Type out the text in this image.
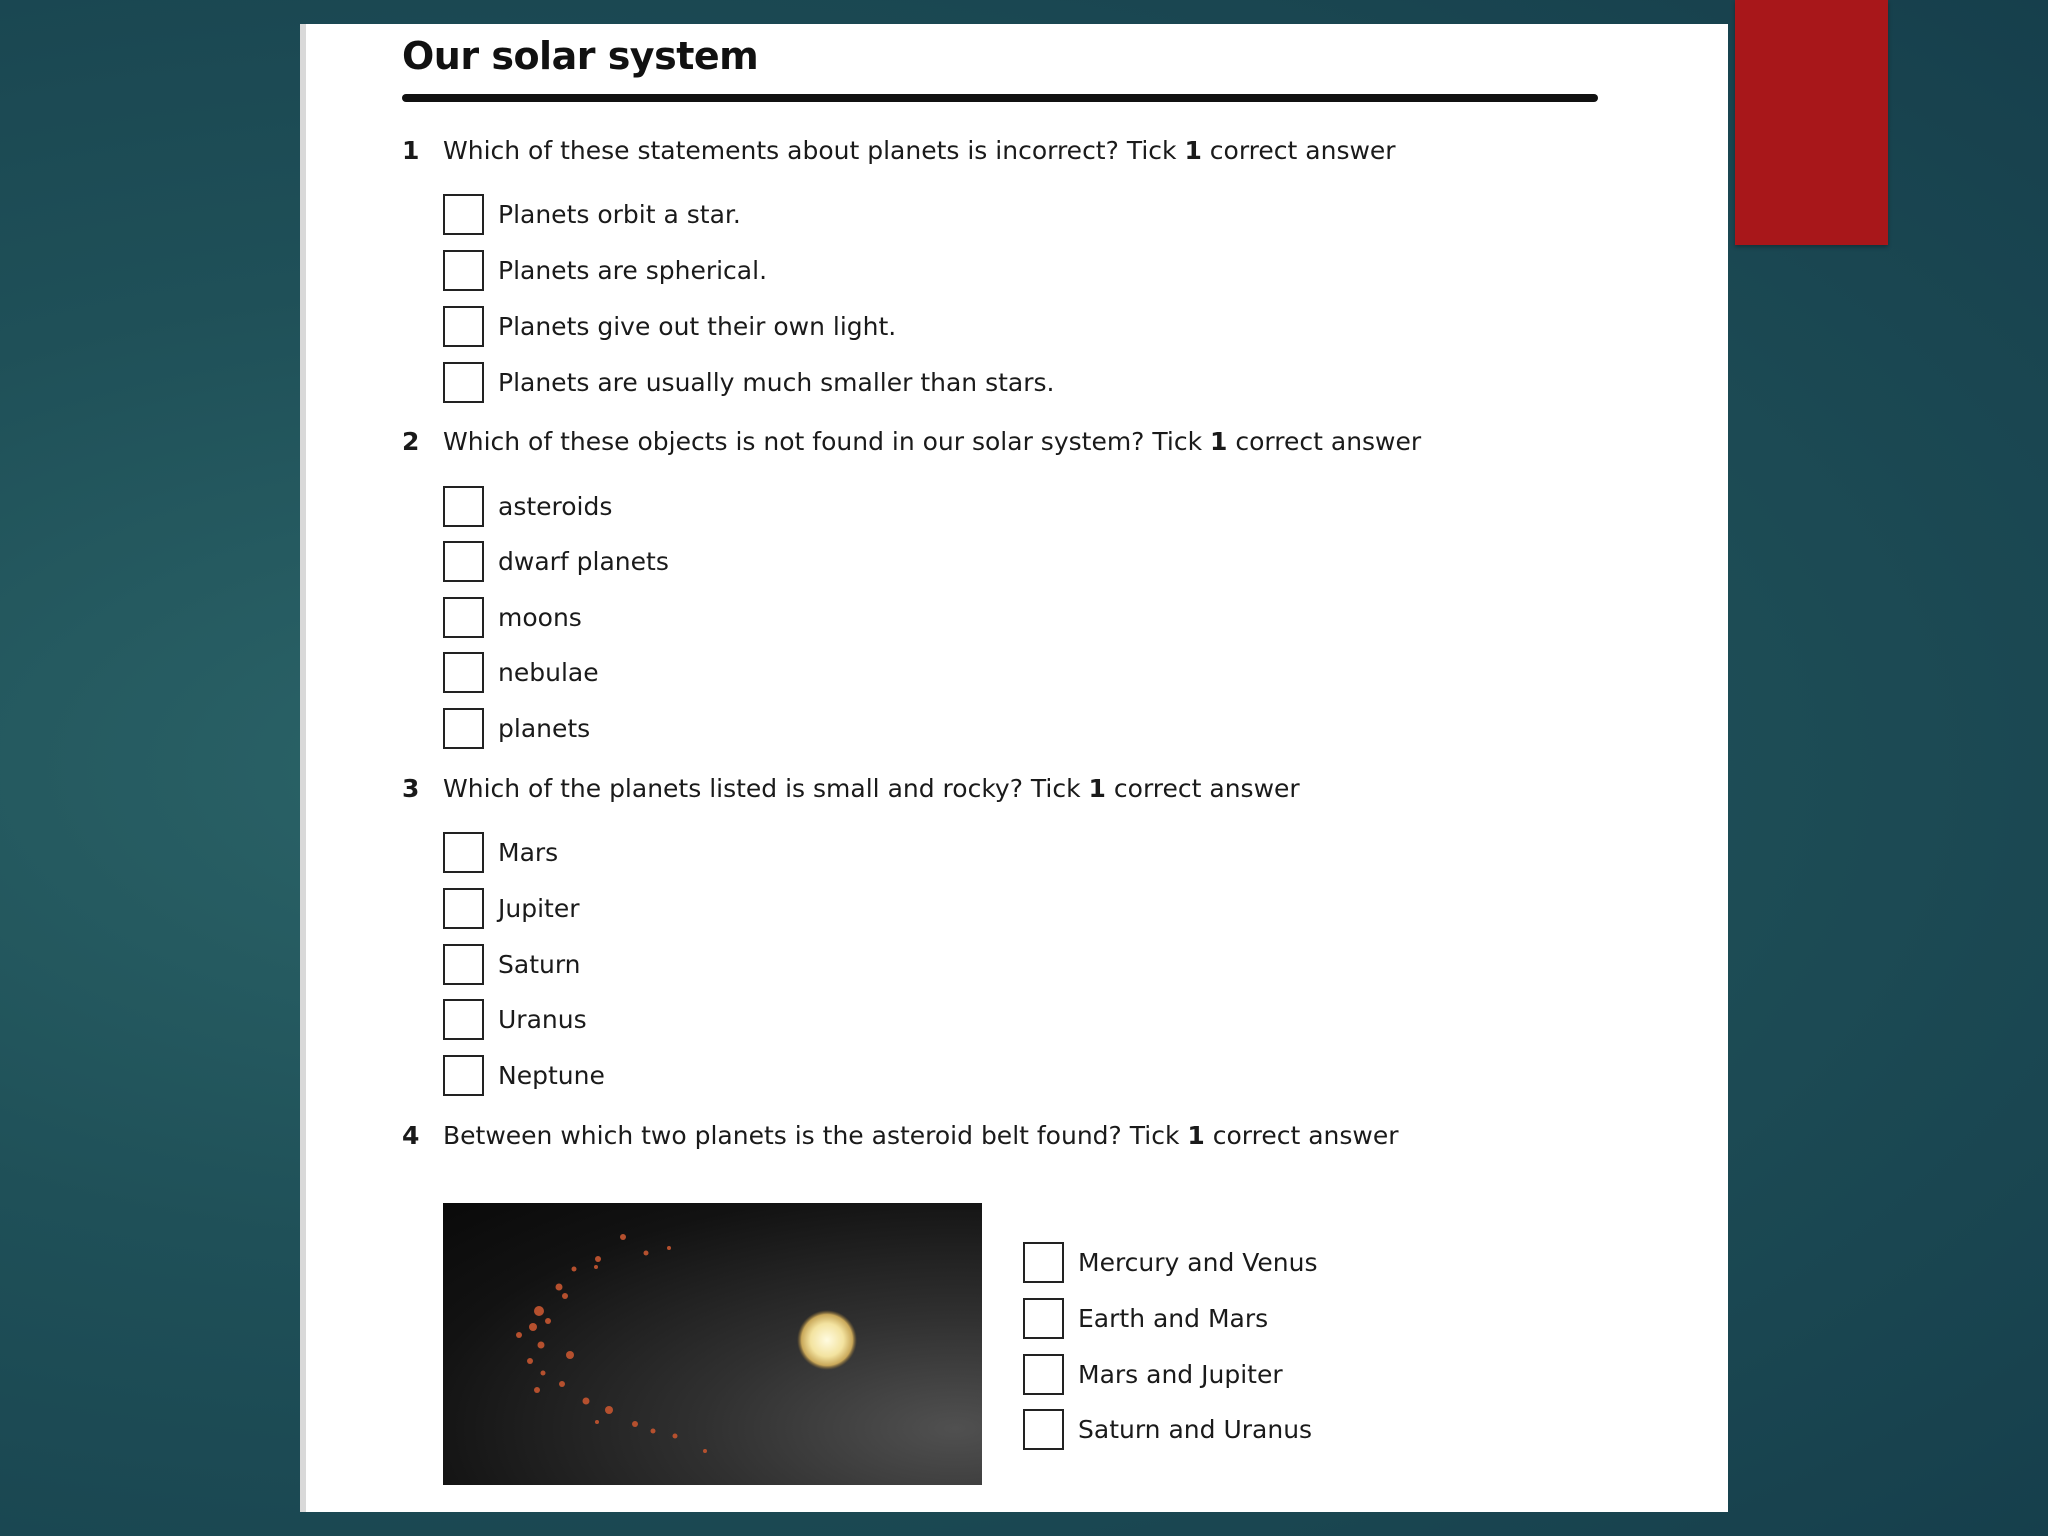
Our solar system
1 Which of these statements about planets is incorrect? Tick 1 correct answer
Planets orbit a star.
Planets are spherical.
Planets give out their own light.
Planets are usually much smaller than stars.
2 Which of these objects is not found in our solar system? Tick 1 correct answer
asteroids
dwarf planets
moons
nebulae
planets
3 Which of the planets listed is small and rocky? Tick 1 correct answer
Mars
Jupiter
Saturn
Uranus
Neptune
4 Between which two planets is the asteroid belt found? Tick 1 correct answer
Mercury and Venus
Earth and Mars
Mars and Jupiter
Saturn and Uranus
